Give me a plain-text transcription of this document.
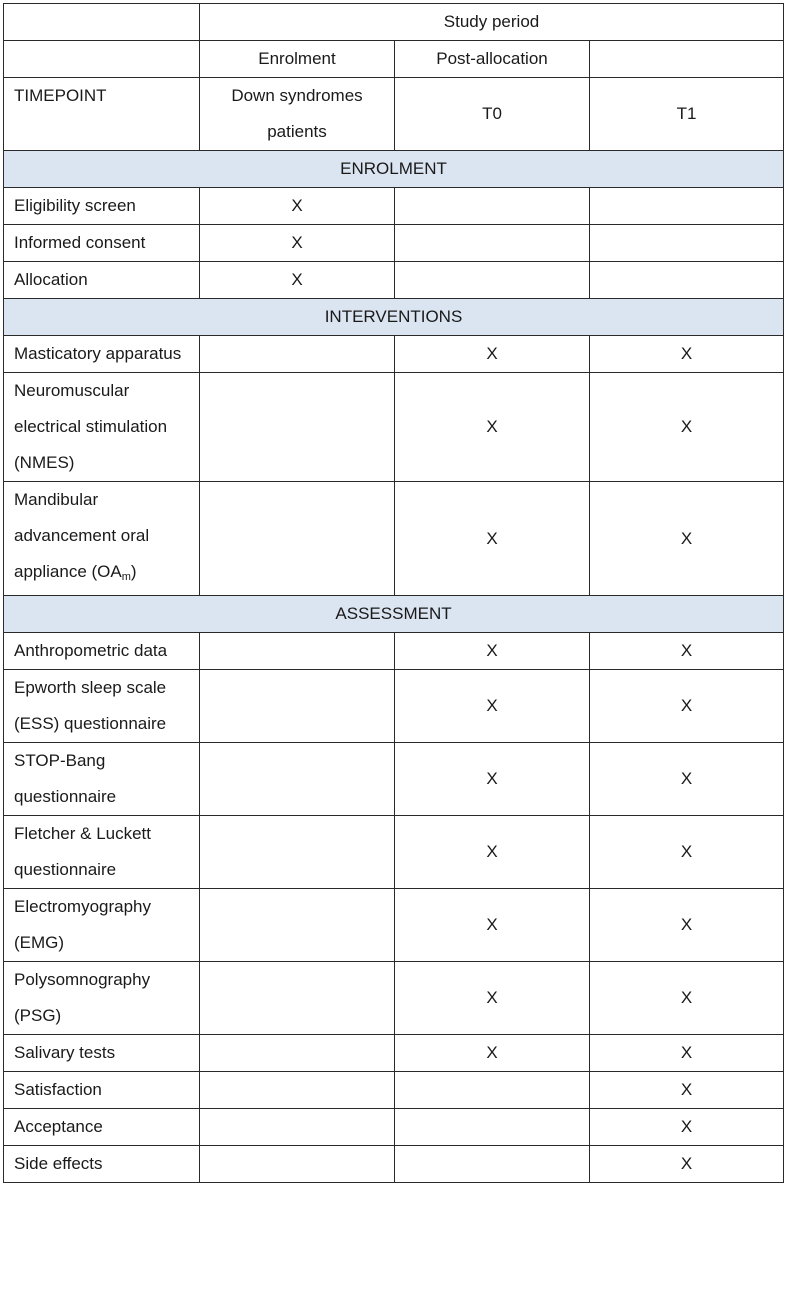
	Study period		
	Enrolment	Post-allocation	
TIMEPOINT	Down syndromes patients	T0	T1
ENROLMENT			
Eligibility screen	X		
Informed consent	X		
Allocation	X		
INTERVENTIONS			
Masticatory apparatus		X	X
Neuromuscular electrical stimulation (NMES)		X	X
Mandibular advancement oral appliance $(OA_m)$		X	X
ASSESSMENT			
Anthropometric data		X	X
Epworth sleep scale (ESS) questionnaire		X	X
STOP-Bang questionnaire		X	X
Fletcher & Luckett questionnaire		X	X
Electromyography (EMG)		X	X
Polysomnography (PSG)		X	X
Salivary tests		X	X
Satisfaction			X
Acceptance			X
Side effects			X
